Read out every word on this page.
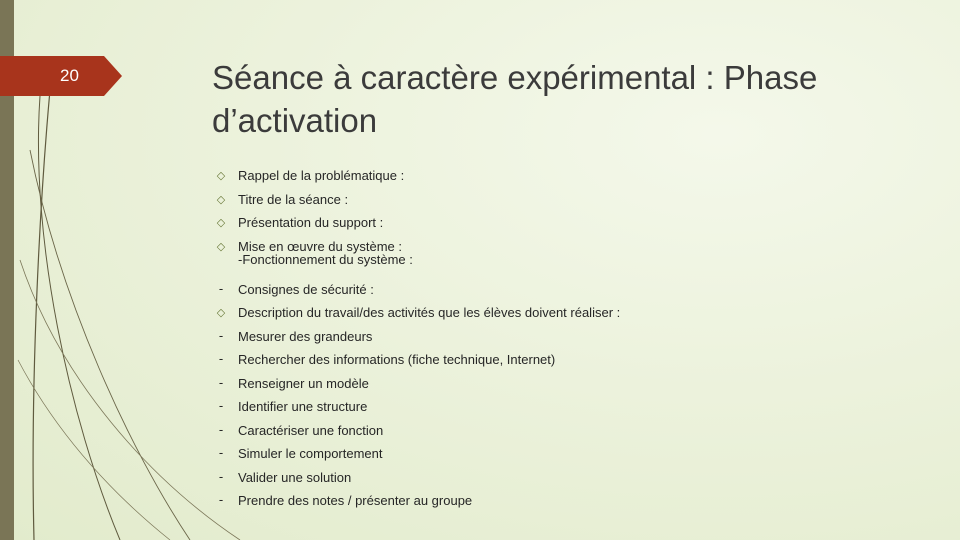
20	Séance à caractère expérimental : Phase d’activation
◇ Rappel de la problématique :
◇ Titre de la séance :
◇ Présentation du support :
◇ Mise en œuvre du système :
-Fonctionnement du système :
-	Consignes de sécurité :
◇ Description du travail/des activités que les élèves doivent réaliser :
-	Mesurer des grandeurs
-	Rechercher des informations (fiche technique, Internet)
-	Renseigner un modèle
-	Identifier une structure
-	Caractériser une fonction
-	Simuler le comportement
-	Valider une solution
-	Prendre des notes / présenter au groupe
